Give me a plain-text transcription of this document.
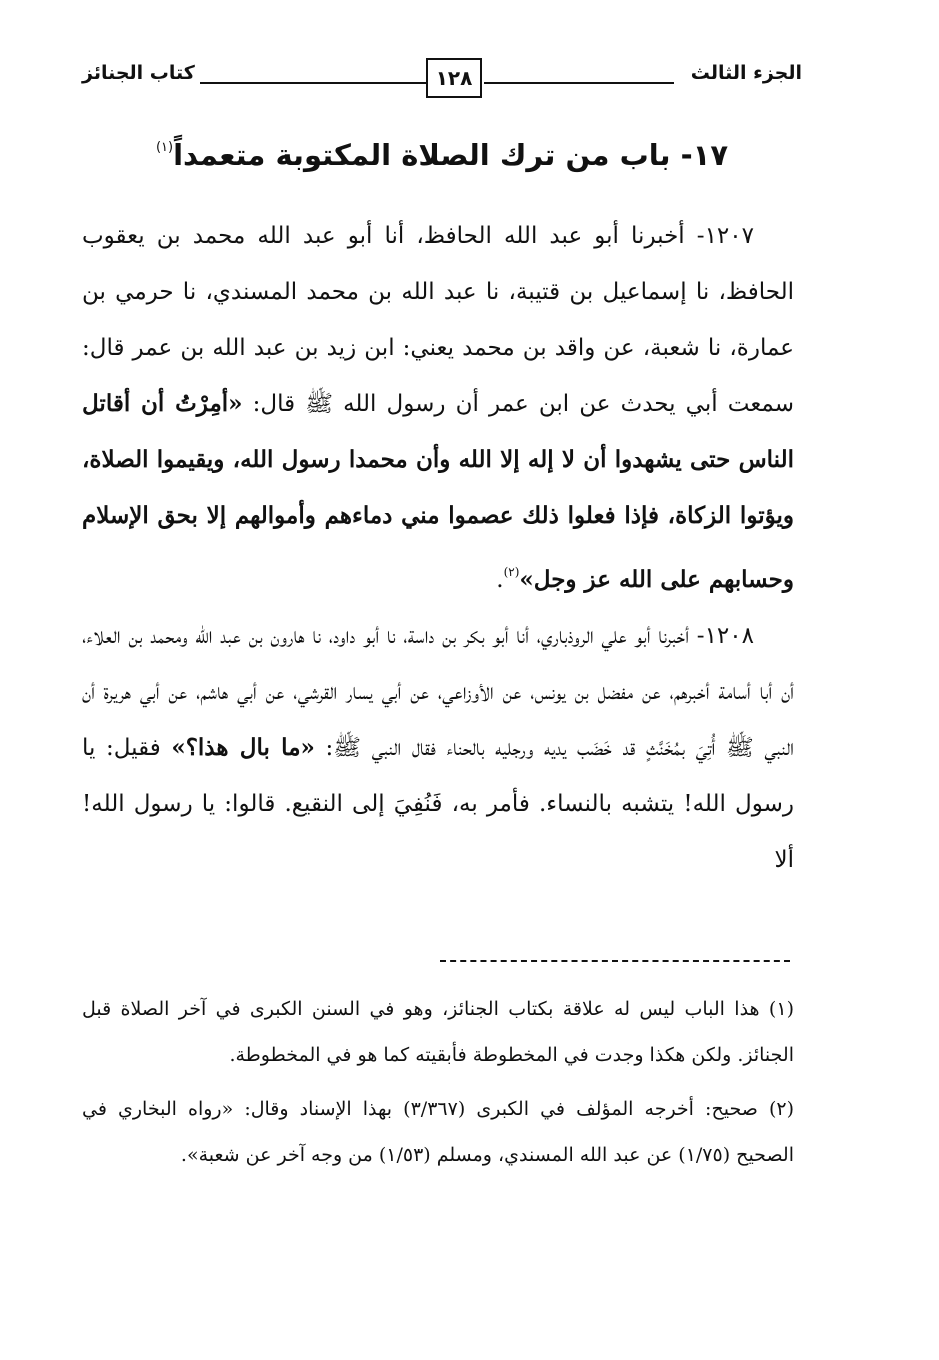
كتاب الجنائز	١٢٨	الجزء الثالث
١٧- باب من ترك الصلاة المكتوبة متعمداً$^{(١)}$

١٢٠٧- أخبرنا أبو عبد الله الحافظ، أنا أبو عبد الله محمد بن يعقوب الحافظ، نا إسماعيل بن قتيبة، نا عبد الله بن محمد المسندي، نا حرمي بن عمارة، نا شعبة، عن واقد بن محمد يعني: ابن زيد بن عبد الله بن عمر قال: سمعت أبي يحدث عن ابن عمر أن رسول الله ﷺ قال: «أمِرْتُ أن أقاتل الناس حتى يشهدوا أن لا إله إلا الله وأن محمدا رسول الله، ويقيموا الصلاة، ويؤتوا الزكاة، فإذا فعلوا ذلك عصموا مني دماءهم وأموالهم إلا بحق الإسلام وحسابهم على الله عز وجل»$^{(٢)}$.

١٢٠٨- أخبرنا أبو علي الروذباري، أنا أبو بكر بن داسة، نا أبو داود، نا هارون بن عبد الله ومحمد بن العلاء، أن أبا أسامة أخبرهم، عن مفضل بن يونس، عن الأوزاعي، عن أبي يسار القرشي، عن أبي هاشم، عن أبي هريرة أن النبي ﷺ أُتِيَ بمُخَنَّثٍ قد خَضَب يديه ورجليه بالحناء فقال النبي ﷺ: «ما بال هذا؟» فقيل: يا رسول الله! يتشبه بالنساء. فأمر به، فَنُفِيَ إلى النقيع. قالوا: يا رسول الله! ألا

(١) هذا الباب ليس له علاقة بكتاب الجنائز، وهو في السنن الكبرى في آخر الصلاة قبل الجنائز. ولكن هكذا وجدت في المخطوطة فأبقيته كما هو في المخطوطة.

(٢) صحيح: أخرجه المؤلف في الكبرى (٣/٣٦٧) بهذا الإسناد وقال: «رواه البخاري في الصحيح (١/٧٥) عن عبد الله المسندي، ومسلم (١/٥٣) من وجه آخر عن شعبة».
